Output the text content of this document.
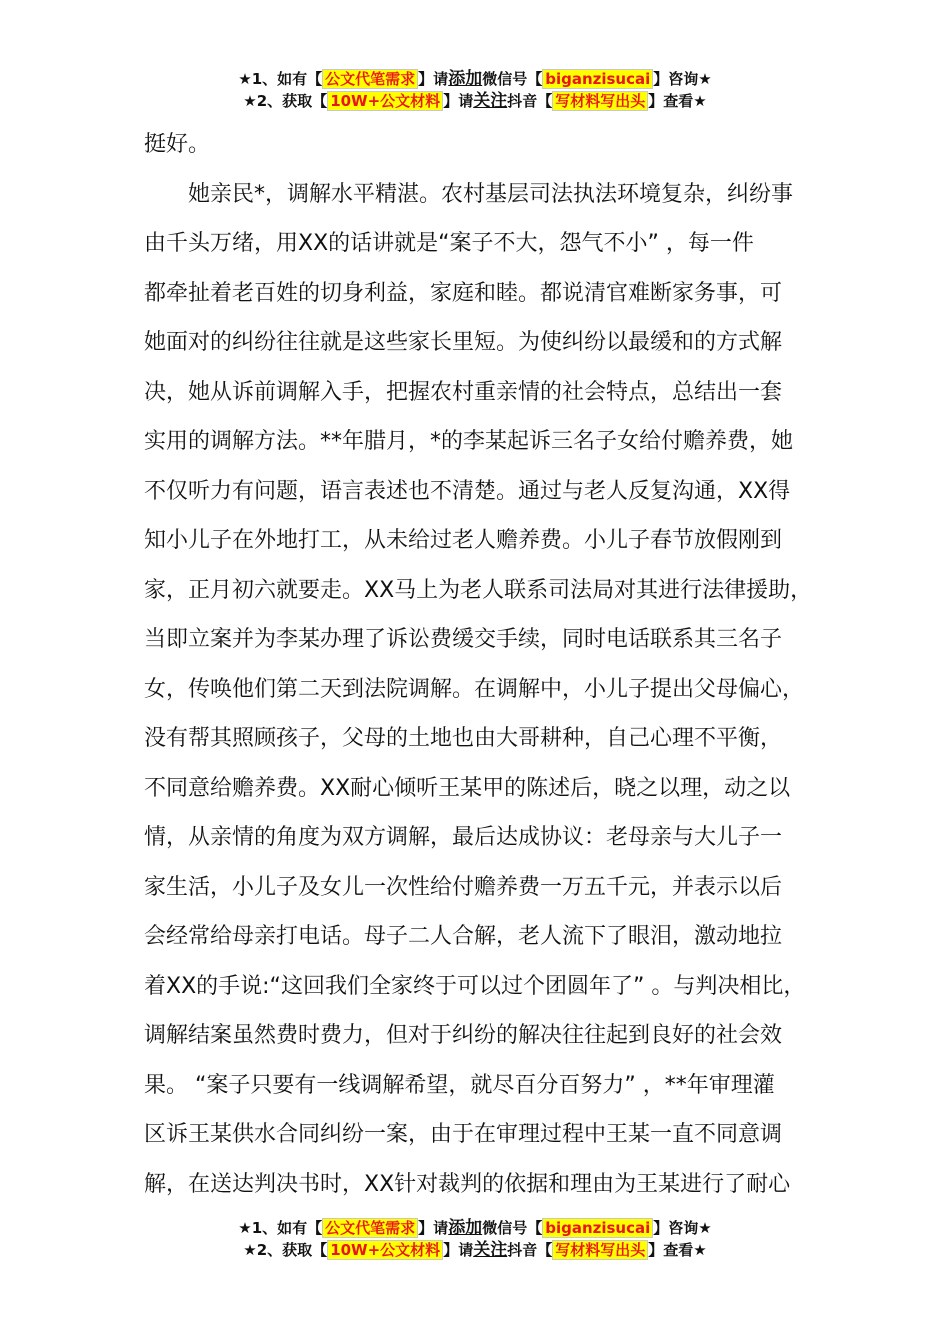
★1、如有【 公文代笔需求 】请添加微信号【 biganzisucai 】咨询★
★2、获取【 10W+公文材料 】请关注抖音【 写材料写出头 】查看★

挺好。

她亲民*，调解水平精湛。农村基层司法执法环境复杂，纠纷事

由千头万绪，用XX的话讲就是“案子不大，怨气不小” ，每一件

都牵扯着老百姓的切身利益，家庭和睦。都说清官难断家务事，可

她面对的纠纷往往就是这些家长里短。为使纠纷以最缓和的方式解

决，她从诉前调解入手，把握农村重亲情的社会特点，总结出一套

实用的调解方法。**年腊月，*的李某起诉三名子女给付赡养费，她

不仅听力有问题，语言表述也不清楚。通过与老人反复沟通，XX得

知小儿子在外地打工，从未给过老人赡养费。小儿子春节放假刚到

家，正月初六就要走。XX马上为老人联系司法局对其进行法律援助，

当即立案并为李某办理了诉讼费缓交手续，同时电话联系其三名子

女，传唤他们第二天到法院调解。在调解中，小儿子提出父母偏心，

没有帮其照顾孩子，父母的土地也由大哥耕种，自己心理不平衡，

不同意给赡养费。XX耐心倾听王某甲的陈述后，晓之以理，动之以

情，从亲情的角度为双方调解，最后达成协议：老母亲与大儿子一

家生活，小儿子及女儿一次性给付赡养费一万五千元，并表示以后

会经常给母亲打电话。母子二人合解，老人流下了眼泪，激动地拉

着XX的手说:“这回我们全家终于可以过个团圆年了” 。与判决相比，

调解结案虽然费时费力，但对于纠纷的解决往往起到良好的社会效

果。 “案子只要有一线调解希望，就尽百分百努力” ，**年审理灌

区诉王某供水合同纠纷一案，由于在审理过程中王某一直不同意调

解，在送达判决书时，XX针对裁判的依据和理由为王某进行了耐心

★1、如有【 公文代笔需求 】请添加微信号【 biganzisucai 】咨询★
★2、获取【 10W+公文材料 】请关注抖音【 写材料写出头 】查看★
